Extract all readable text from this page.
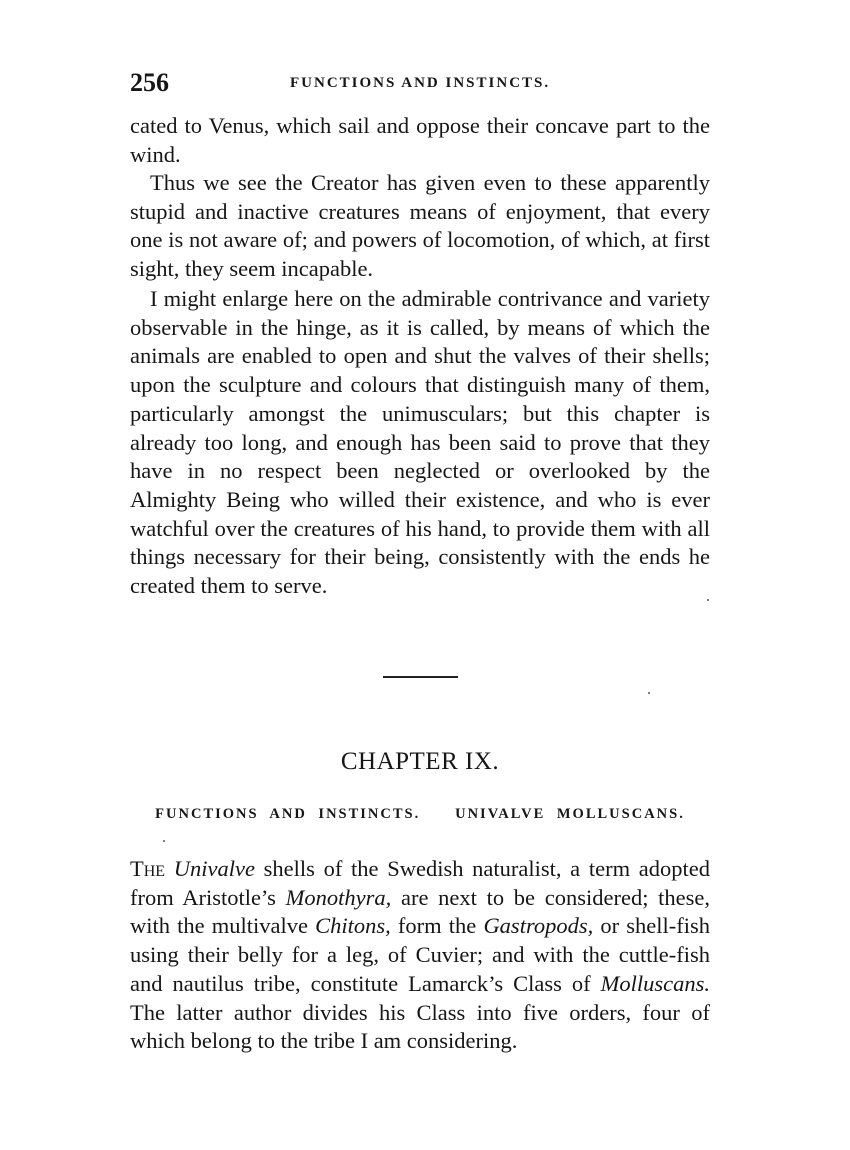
256	FUNCTIONS AND INSTINCTS.

cated to Venus, which sail and oppose their concave part to the wind.

Thus we see the Creator has given even to these apparently stupid and inactive creatures means of enjoyment, that every one is not aware of; and powers of locomotion, of which, at first sight, they seem incapable.

I might enlarge here on the admirable contrivance and variety observable in the hinge, as it is called, by means of which the animals are enabled to open and shut the valves of their shells; upon the sculpture and colours that distinguish many of them, particularly amongst the unimusculars; but this chapter is already too long, and enough has been said to prove that they have in no respect been neglected or overlooked by the Almighty Being who willed their existence, and who is ever watchful over the creatures of his hand, to provide them with all things necessary for their being, consistently with the ends he created them to serve.

CHAPTER IX.
FUNCTIONS AND INSTINCTS.   UNIVALVE MOLLUSCANS.

The Univalve shells of the Swedish naturalist, a term adopted from Aristotle’s Monothyra, are next to be considered; these, with the multivalve Chitons, form the Gastropods, or shell-fish using their belly for a leg, of Cuvier; and with the cuttle-fish and nautilus tribe, constitute Lamarck’s Class of Molluscans. The latter author divides his Class into five orders, four of which belong to the tribe I am considering.
